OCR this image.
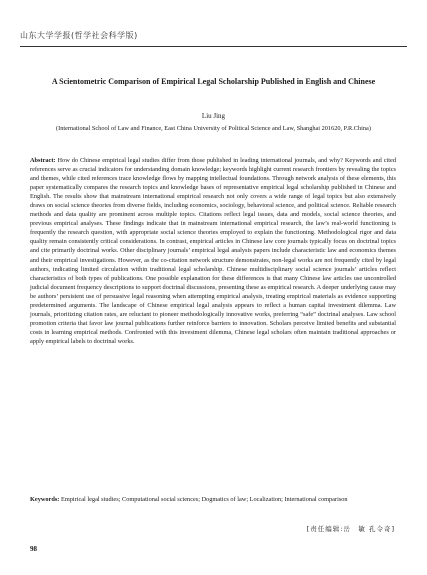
山东大学学报(哲学社会科学版)
A Scientometric Comparison of Empirical Legal Scholarship Published in English and Chinese
Liu Jing
(International School of Law and Finance, East China University of Political Science and Law, Shanghai 201620, P.R.China)
Abstract: How do Chinese empirical legal studies differ from those published in leading international journals, and why? Keywords and cited references serve as crucial indicators for understanding domain knowledge; keywords highlight current research frontiers by revealing the topics and themes, while cited references trace knowledge flows by mapping intellectual foundations. Through network analysis of these elements, this paper systematically compares the research topics and knowledge bases of representative empirical legal scholarship published in Chinese and English. The results show that mainstream international empirical research not only covers a wide range of legal topics but also extensively draws on social science theories from diverse fields, including economics, sociology, behavioral science, and political science. Reliable research methods and data quality are prominent across multiple topics. Citations reflect legal issues, data and models, social science theories, and previous empirical analyses. These findings indicate that in mainstream international empirical research, the law’s real-world functioning is frequently the research question, with appropriate social science theories employed to explain the functioning. Methodological rigor and data quality remain consistently critical considerations. In contrast, empirical articles in Chinese law core journals typically focus on doctrinal topics and cite primarily doctrinal works. Other disciplinary journals’ empirical legal analysis papers include characteristic law and economics themes and their empirical investigations. However, as the co-citation network structure demonstrates, non-legal works are not frequently cited by legal authors, indicating limited circulation within traditional legal scholarship. Chinese multidisciplinary social science journals’ articles reflect characteristics of both types of publications. One possible explanation for these differences is that many Chinese law articles use uncontrolled judicial document frequency descriptions to support doctrinal discussions, presenting these as empirical research. A deeper underlying cause may be authors’ persistent use of persuasive legal reasoning when attempting empirical analysis, treating empirical materials as evidence supporting predetermined arguments. The landscape of Chinese empirical legal analysis appears to reflect a human capital investment dilemma. Law journals, prioritizing citation rates, are reluctant to pioneer methodologically innovative works, preferring “safe” doctrinal analyses. Law school promotion criteria that favor law journal publications further reinforce barriers to innovation. Scholars perceive limited benefits and substantial costs in learning empirical methods. Confronted with this investment dilemma, Chinese legal scholars often maintain traditional approaches or apply empirical labels to doctrinal works.
Keywords: Empirical legal studies; Computational social sciences; Dogmatics of law; Localization; International comparison
[责任编辑:岳　敏 孔令奇]
98
